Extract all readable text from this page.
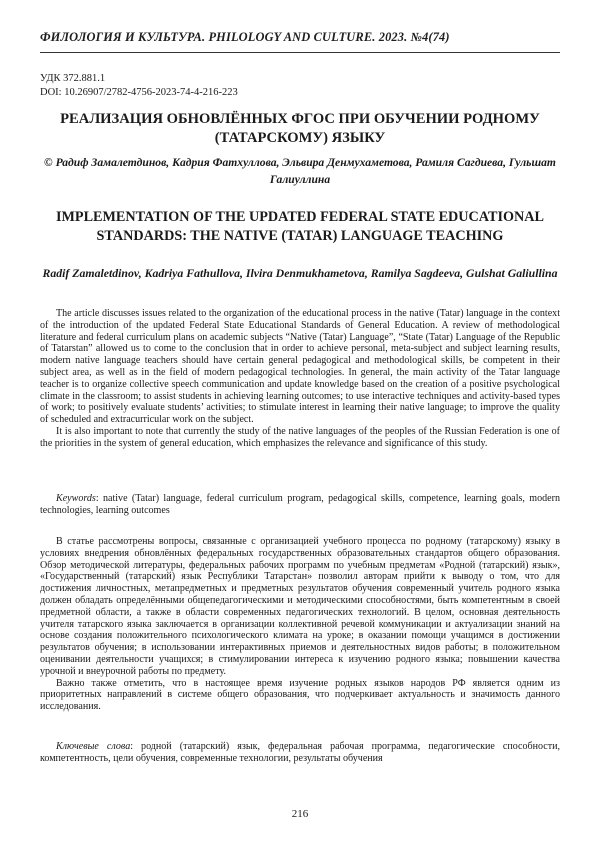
ФИЛОЛОГИЯ И КУЛЬТУРА. PHILOLOGY AND CULTURE. 2023. №4(74)
УДК 372.881.1
DOI: 10.26907/2782-4756-2023-74-4-216-223
РЕАЛИЗАЦИЯ ОБНОВЛЁННЫХ ФГОС ПРИ ОБУЧЕНИИ РОДНОМУ (ТАТАРСКОМУ) ЯЗЫКУ
© Радиф Замалетдинов, Кадрия Фатхуллова, Эльвира Денмухаметова, Рамиля Сагдиева, Гульшат Галиуллина
IMPLEMENTATION OF THE UPDATED FEDERAL STATE EDUCATIONAL STANDARDS: THE NATIVE (TATAR) LANGUAGE TEACHING
Radif Zamaletdinov, Kadriya Fathullova, Ilvira Denmukhametova, Ramilya Sagdeeva, Gulshat Galiullina

The article discusses issues related to the organization of the educational process in the native (Tatar) language in the context of the introduction of the updated Federal State Educational Standards of General Education. A review of methodological literature and federal curriculum plans on academic subjects “Native (Tatar) Language”, “State (Tatar) Language of the Republic of Tatarstan” allowed us to come to the conclusion that in order to achieve personal, meta-subject and subject learning results, modern native language teachers should have certain general pedagogical and methodological skills, be competent in their subject area, as well as in the field of modern pedagogical technologies. In general, the main activity of the Tatar language teacher is to organize collective speech communication and update knowledge based on the creation of a positive psychological climate in the classroom; to assist students in achieving learning outcomes; to use interactive techniques and activity-based types of work; to positively evaluate students’ activities; to stimulate interest in learning their native language; to improve the quality of scheduled and extracurricular work on the subject.

It is also important to note that currently the study of the native languages of the peoples of the Russian Federation is one of the priorities in the system of general education, which emphasizes the relevance and significance of this study.

Keywords: native (Tatar) language, federal curriculum program, pedagogical skills, competence, learning goals, modern technologies, learning outcomes

В статье рассмотрены вопросы, связанные с организацией учебного процесса по родному (татарскому) языку в условиях внедрения обновлённых федеральных государственных образовательных стандартов общего образования. Обзор методической литературы, федеральных рабочих программ по учебным предметам «Родной (татарский) язык», «Государственный (татарский) язык Республики Татарстан» позволил авторам прийти к выводу о том, что для достижения личностных, метапредметных и предметных результатов обучения современный учитель родного языка должен обладать определёнными общепедагогическими и методическими способностями, быть компетентным в своей предметной области, а также в области современных педагогических технологий. В целом, основная деятельность учителя татарского языка заключается в организации коллективной речевой коммуникации и актуализации знаний на основе создания положительного психологического климата на уроке; в оказании помощи учащимся в достижении результатов обучения; в использовании интерактивных приемов и деятельностных видов работы; в положительном оценивании деятельности учащихся; в стимулировании интереса к изучению родного языка; повышении качества урочной и внеурочной работы по предмету.

Важно также отметить, что в настоящее время изучение родных языков народов РФ является одним из приоритетных направлений в системе общего образования, что подчеркивает актуальность и значимость данного исследования.

Ключевые слова: родной (татарский) язык, федеральная рабочая программа, педагогические способности, компетентность, цели обучения, современные технологии, результаты обучения
216
